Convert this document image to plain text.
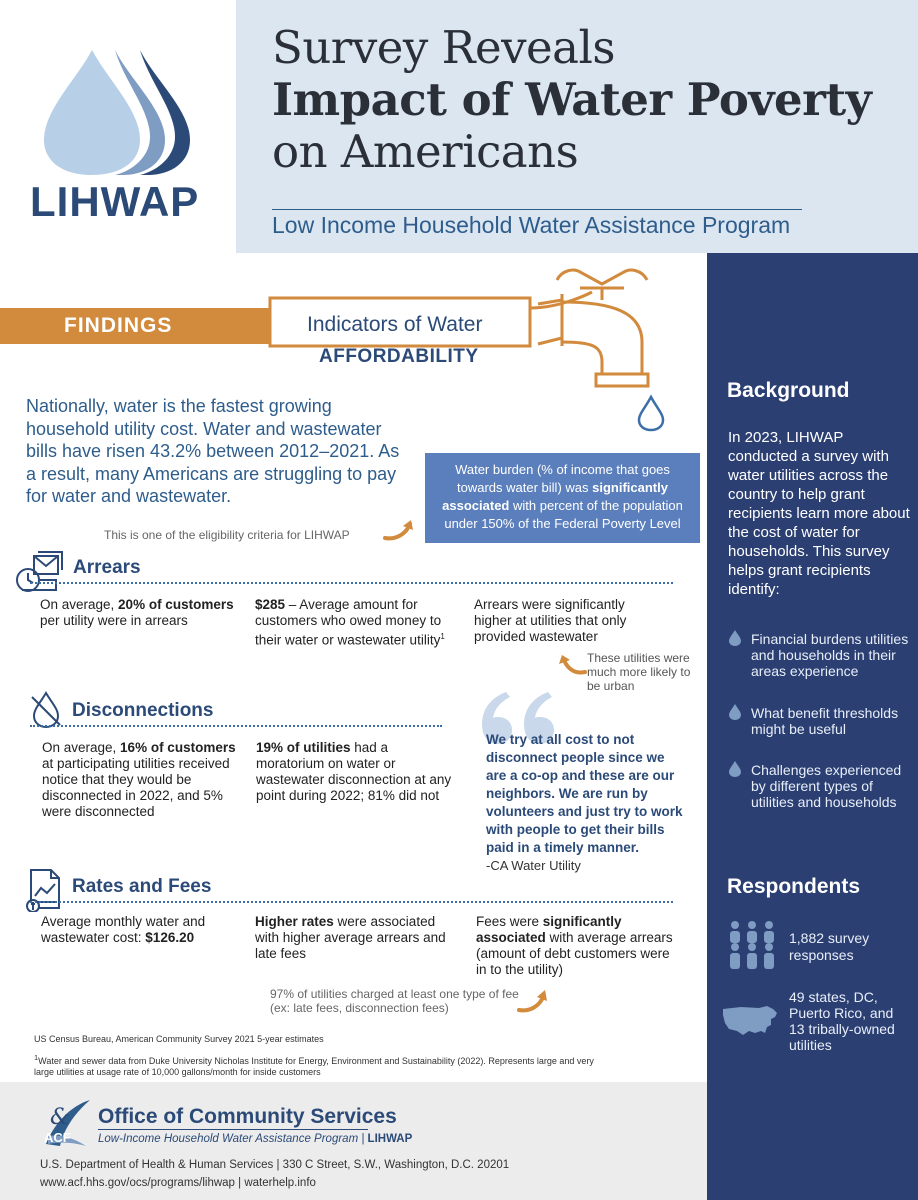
LIHWAP
Survey Reveals
Impact of Water Poverty
on Americans
Low Income Household Water Assistance Program
FINDINGS	Indicators of Water
AFFORDABILITY
Nationally, water is the fastest growing household utility cost. Water and wastewater bills have risen 43.2% between 2012–2021. As a result, many Americans are struggling to pay for water and wastewater.
This is one of the eligibility criteria for LIHWAP
Water burden (% of income that goes towards water bill) was significantly associated with percent of the population under 150% of the Federal Poverty Level
Arrears
On average, 20% of customers per utility were in arrears
$285 – Average amount for customers who owed money to their water or wastewater utility$^1$
Arrears were significantly higher at utilities that only provided wastewater
These utilities were much more likely to be urban
Disconnections
On average, 16% of customers at participating utilities received notice that they would be disconnected in 2022, and 5% were disconnected
19% of utilities had a moratorium on water or wastewater disconnection at any point during 2022; 81% did not
We try at all cost to not disconnect people since we are a co-op and these are our neighbors. We are run by volunteers and just try to work with people to get their bills paid in a timely manner.
-CA Water Utility
Rates and Fees
Average monthly water and wastewater cost: $126.20
Higher rates were associated with higher average arrears and late fees
Fees were significantly associated with average arrears (amount of debt customers were in to the utility)
97% of utilities charged at least one type of fee (ex: late fees, disconnection fees)
US Census Bureau, American Community Survey 2021 5-year estimates
$^1$Water and sewer data from Duke University Nicholas Institute for Energy, Environment and Sustainability (2022). Represents large and very large utilities at usage rate of 10,000 gallons/month for inside customers
&
ACF
Office of Community Services
Low-Income Household Water Assistance Program | LIHWAP
U.S. Department of Health & Human Services | 330 C Street, S.W., Washington, D.C. 20201
www.acf.hhs.gov/ocs/programs/lihwap | waterhelp.info
Background
In 2023, LIHWAP conducted a survey with water utilities across the country to help grant recipients learn more about the cost of water for households. This survey helps grant recipients identify:
Financial burdens utilities and households in their areas experience
What benefit thresholds might be useful
Challenges experienced by different types of utilities and households
Respondents
1,882 survey responses
49 states, DC, Puerto Rico, and 13 tribally-owned utilities
